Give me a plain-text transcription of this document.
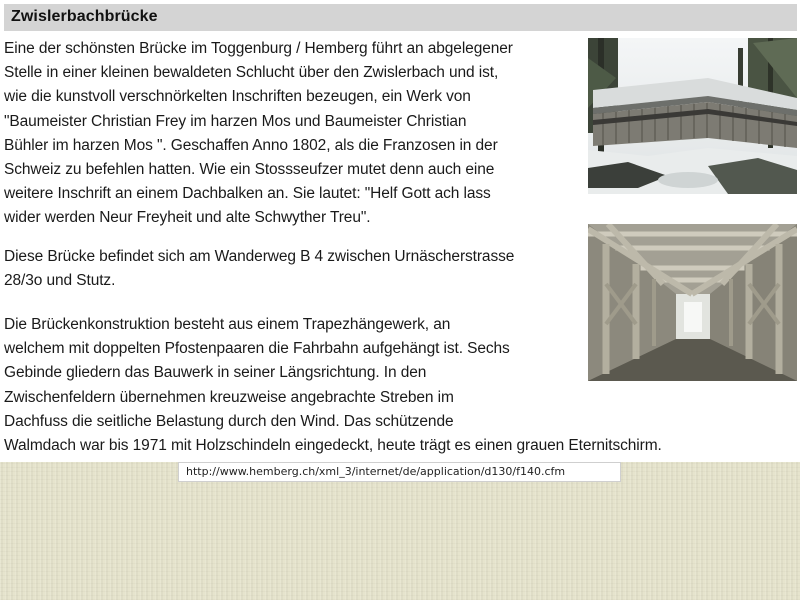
Zwislerbachbrücke
Eine der schönsten Brücke im Toggenburg / Hemberg führt an abgelegener
Stelle in einer kleinen bewaldeten Schlucht über den Zwislerbach und ist,
wie die kunstvoll verschnörkelten Inschriften bezeugen, ein Werk von
"Baumeister Christian Frey im harzen Mos und Baumeister Christian
Bühler im harzen Mos ". Geschaffen Anno 1802, als die Franzosen in der
Schweiz zu befehlen hatten. Wie ein Stossseufzer mutet denn auch eine
weitere Inschrift an einem Dachbalken an. Sie lautet: "Helf Gott ach lass
wider werden Neur Freyheit und alte Schwyther Treu".
Diese Brücke befindet sich am Wanderweg B 4 zwischen Urnäscherstrasse
28/3o und Stutz.
Die Brückenkonstruktion besteht aus einem Trapezhängewerk, an
welchem mit doppelten Pfostenpaaren die Fahrbahn aufgehängt ist. Sechs
Gebinde gliedern das Bauwerk in seiner Längsrichtung. In den
Zwischenfeldern übernehmen kreuzweise angebrachte Streben im
Dachfuss die seitliche Belastung durch den Wind. Das schützende
Walmdach war bis 1971 mit Holzschindeln eingedeckt, heute trägt es einen grauen Eternitschirm.
http://www.hemberg.ch/xml_3/internet/de/application/d130/f140.cfm
